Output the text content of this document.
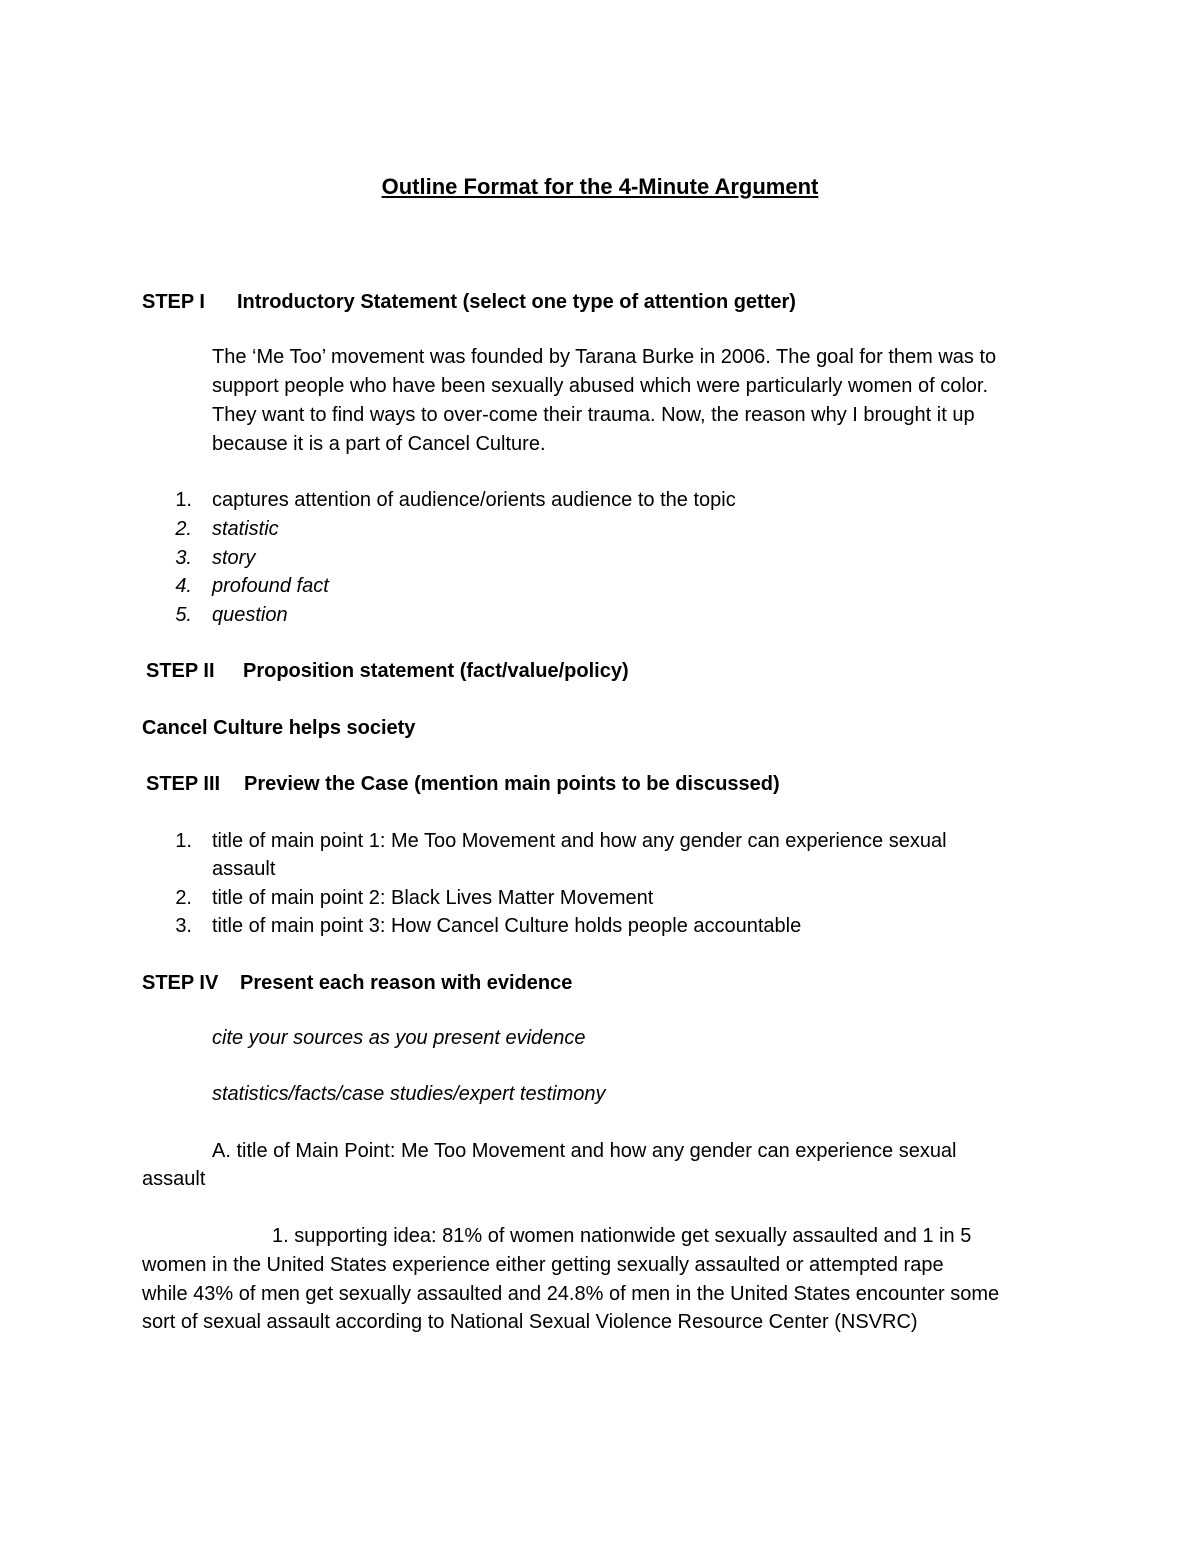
Outline Format for the 4-Minute Argument
STEP I Introductory Statement (select one type of attention getter)
The ‘Me Too’ movement was founded by Tarana Burke in 2006. The goal for them was to
support people who have been sexually abused which were particularly women of color.
They want to find ways to over-come their trauma. Now, the reason why I brought it up
because it is a part of Cancel Culture.
1. captures attention of audience/orients audience to the topic
2. statistic
3. story
4. profound fact
5. question
STEP II Proposition statement (fact/value/policy)
Cancel Culture helps society
STEP III Preview the Case (mention main points to be discussed)
1. title of main point 1: Me Too Movement and how any gender can experience sexual
assault
2. title of main point 2: Black Lives Matter Movement
3. title of main point 3: How Cancel Culture holds people accountable
STEP IV Present each reason with evidence
cite your sources as you present evidence
statistics/facts/case studies/expert testimony
A. title of Main Point: Me Too Movement and how any gender can experience sexual
assault
1. supporting idea: 81% of women nationwide get sexually assaulted and 1 in 5
women in the United States experience either getting sexually assaulted or attempted rape
while 43% of men get sexually assaulted and 24.8% of men in the United States encounter some
sort of sexual assault according to National Sexual Violence Resource Center (NSVRC)
